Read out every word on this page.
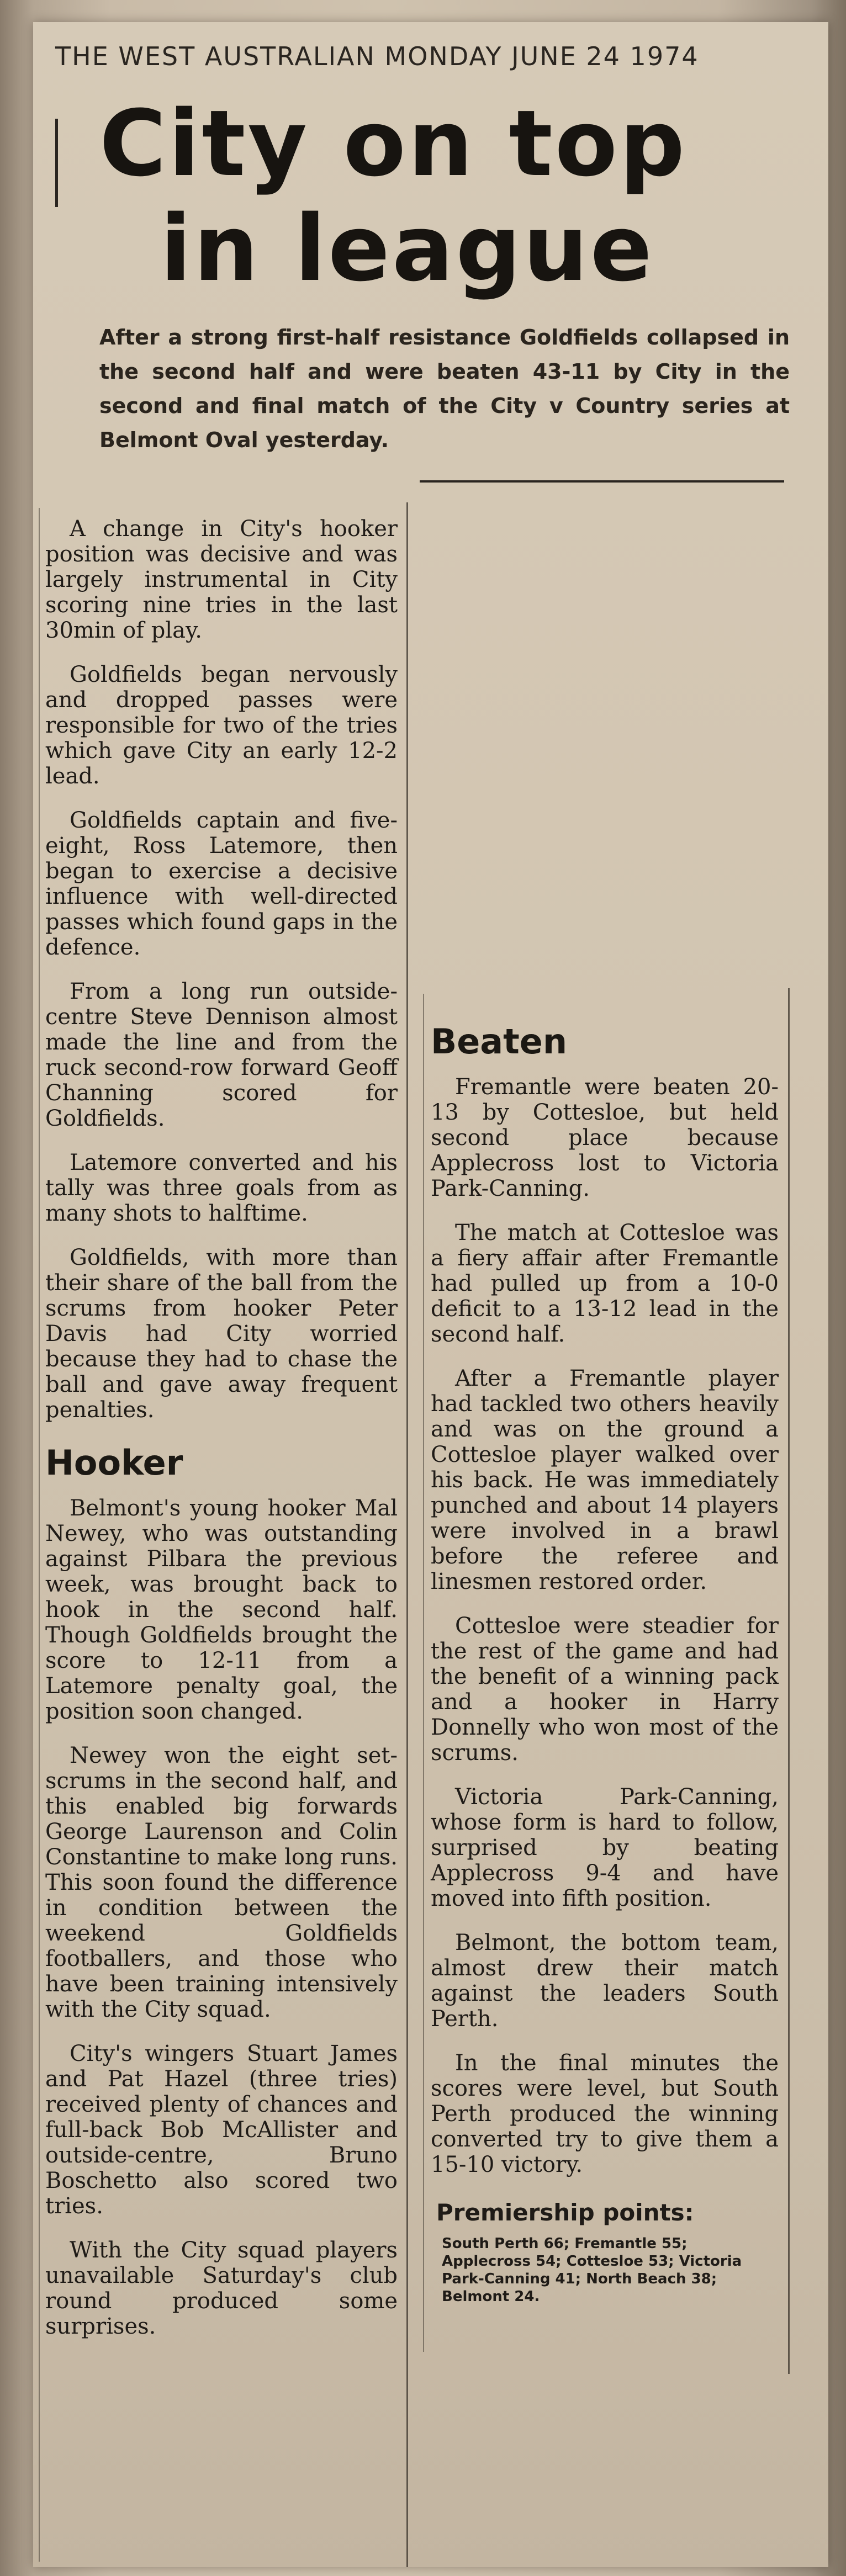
THE WEST AUSTRALIAN MONDAY JUNE 24 1974
City on top
in league
After a strong first-half resistance Goldfields collapsed in the second half and were beaten 43-11 by City in the second and final match of the City v Country series at Belmont Oval yesterday.

A change in City's hooker position was decisive and was largely instrumental in City scoring nine tries in the last 30min of play.

Goldfields began nervously and dropped passes were responsible for two of the tries which gave City an early 12-2 lead.

Goldfields captain and five-eight, Ross Latemore, then began to exercise a decisive influence with well-directed passes which found gaps in the defence.

From a long run outside-centre Steve Dennison almost made the line and from the ruck second-row forward Geoff Channing scored for Goldfields.

Latemore converted and his tally was three goals from as many shots to halftime.

Goldfields, with more than their share of the ball from the scrums from hooker Peter Davis had City worried because they had to chase the ball and gave away frequent penalties.

Hooker

Belmont's young hooker Mal Newey, who was outstanding against Pilbara the previous week, was brought back to hook in the second half. Though Goldfields brought the score to 12-11 from a Latemore penalty goal, the position soon changed.

Newey won the eight set-scrums in the second half, and this enabled big forwards George Laurenson and Colin Constantine to make long runs. This soon found the difference in condition between the weekend Goldfields footballers, and those who have been training intensively with the City squad.

City's wingers Stuart James and Pat Hazel (three tries) received plenty of chances and full-back Bob McAllister and outside-centre, Bruno Boschetto also scored two tries.

With the City squad players unavailable Saturday's club round produced some surprises.

Beaten

Fremantle were beaten 20-13 by Cottesloe, but held second place because Applecross lost to Victoria Park-Canning.

The match at Cottesloe was a fiery affair after Fremantle had pulled up from a 10-0 deficit to a 13-12 lead in the second half.

After a Fremantle player had tackled two others heavily and was on the ground a Cottesloe player walked over his back. He was immediately punched and about 14 players were involved in a brawl before the referee and linesmen restored order.

Cottesloe were steadier for the rest of the game and had the benefit of a winning pack and a hooker in Harry Donnelly who won most of the scrums.

Victoria Park-Canning, whose form is hard to follow, surprised by beating Applecross 9-4 and have moved into fifth position.

Belmont, the bottom team, almost drew their match against the leaders South Perth.

In the final minutes the scores were level, but South Perth produced the winning converted try to give them a 15-10 victory.

Premiership points:
South Perth 66; Fremantle 55; Applecross 54; Cottesloe 53; Victoria Park-Canning 41; North Beach 38; Belmont 24.
